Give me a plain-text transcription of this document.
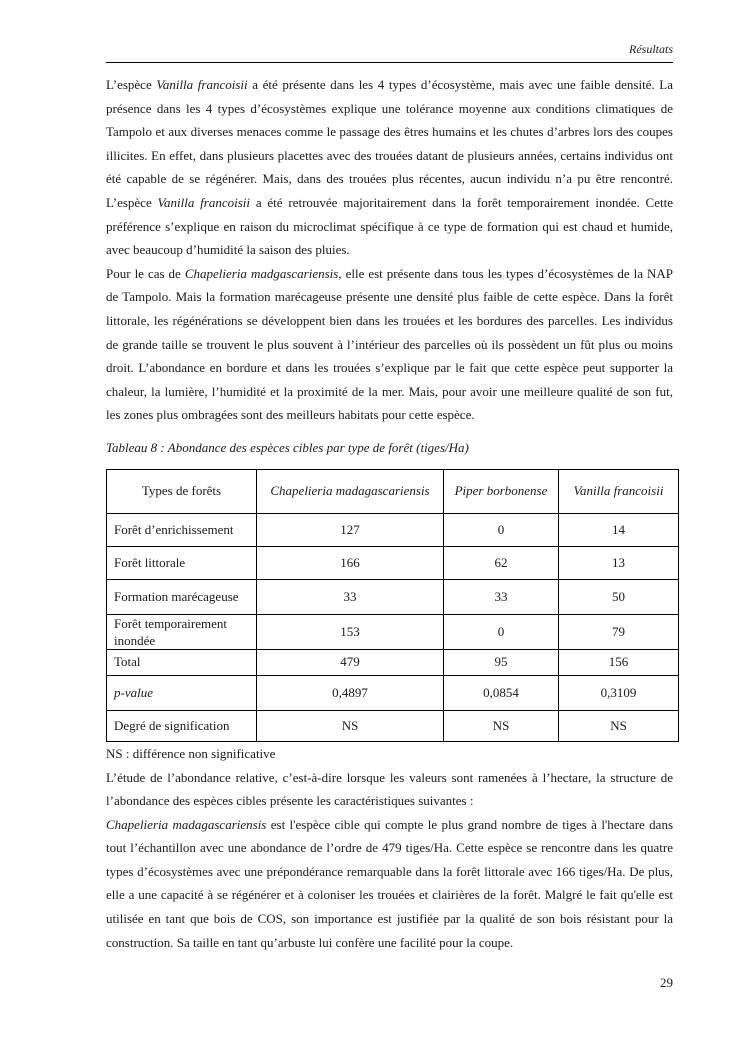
Résultats

L’espèce Vanilla francoisii a été présente dans les 4 types d’écosystème, mais avec une faible densité. La présence dans les 4 types d’écosystèmes explique une tolérance moyenne aux conditions climatiques de Tampolo et aux diverses menaces comme le passage des êtres humains et les chutes d’arbres lors des coupes illicites. En effet, dans plusieurs placettes avec des trouées datant de plusieurs années, certains individus ont été capable de se régénérer. Mais, dans des trouées plus récentes, aucun individu n’a pu être rencontré. L’espèce Vanilla francoisii a été retrouvée majoritairement dans la forêt temporairement inondée. Cette préférence s’explique en raison du microclimat spécifique à ce type de formation qui est chaud et humide, avec beaucoup d’humidité la saison des pluies.

Pour le cas de Chapelieria madgascariensis, elle est présente dans tous les types d’écosystèmes de la NAP de Tampolo. Mais la formation marécageuse présente une densité plus faible de cette espèce. Dans la forêt littorale, les régénérations se développent bien dans les trouées et les bordures des parcelles. Les individus de grande taille se trouvent le plus souvent à l’intérieur des parcelles où ils possèdent un fût plus ou moins droit. L’abondance en bordure et dans les trouées s’explique par le fait que cette espèce peut supporter la chaleur, la lumière, l’humidité et la proximité de la mer. Mais, pour avoir une meilleure qualité de son fut, les zones plus ombragées sont des meilleurs habitats pour cette espèce.

Tableau 8 : Abondance des espèces cibles par type de forêt (tiges/Ha)
Types de forêts	Chapelieria madagascariensis	Piper borbonense	Vanilla francoisii
Forêt d’enrichissement	127	0	14
Forêt littorale	166	62	13
Formation marécageuse	33	33	50
Forêt temporairement inondée	153	0	79
Total	479	95	156
p-value	0,4897	0,0854	0,3109
Degré de signification	NS	NS	NS

NS : différence non significative

L’étude de l’abondance relative, c’est-à-dire lorsque les valeurs sont ramenées à l’hectare, la structure de l’abondance des espèces cibles présente les caractéristiques suivantes :

Chapelieria madagascariensis est l'espèce cible qui compte le plus grand nombre de tiges à l'hectare dans tout l’échantillon avec une abondance de l’ordre de 479 tiges/Ha. Cette espèce se rencontre dans les quatre types d’écosystèmes avec une prépondérance remarquable dans la forêt littorale avec 166 tiges/Ha. De plus, elle a une capacité à se régénérer et à coloniser les trouées et clairières de la forêt. Malgré le fait qu'elle est utilisée en tant que bois de COS, son importance est justifiée par la qualité de son bois résistant pour la construction. Sa taille en tant qu’arbuste lui confère une facilité pour la coupe.

29
